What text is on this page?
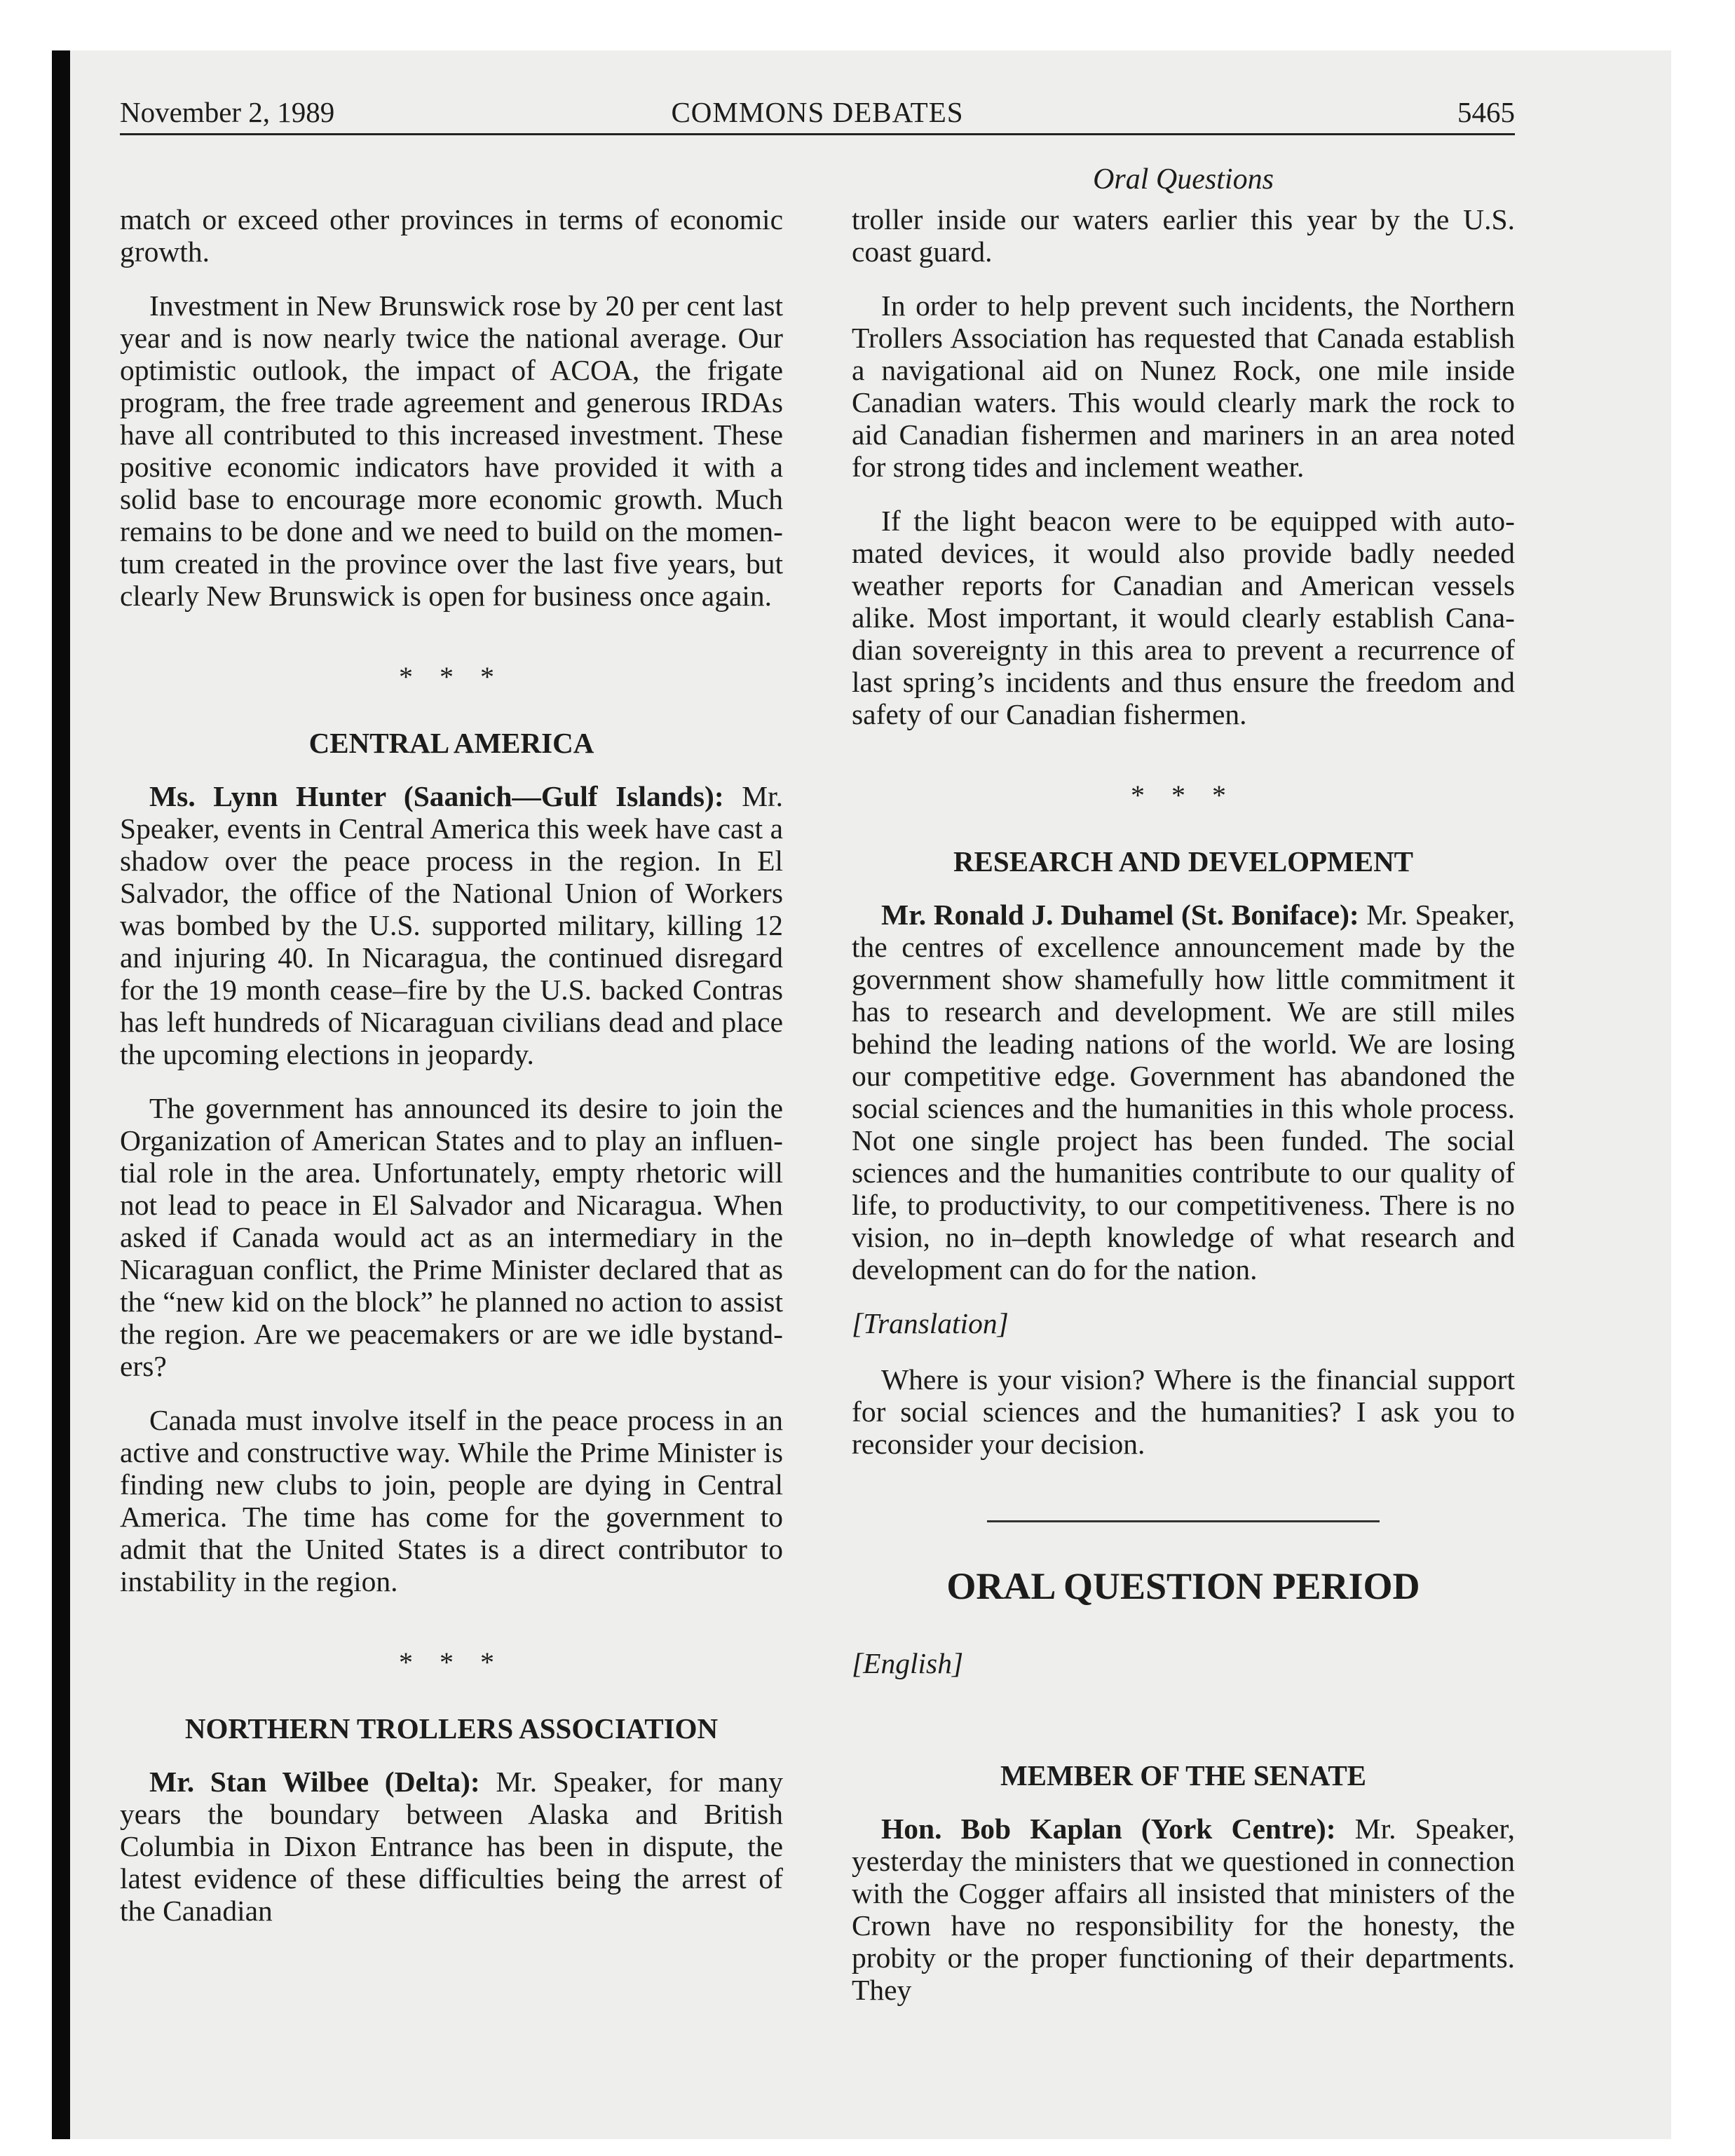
November 2, 1989	COMMONS DEBATES	5465
Oral Questions

match or exceed other provinces in terms of economic growth.

Investment in New Brunswick rose by 20 per cent last year and is now nearly twice the national average. Our optimistic outlook, the impact of ACOA, the frigate program, the free trade agreement and generous IRDAs have all contributed to this increased investment. These positive economic indicators have provided it with a solid base to encourage more economic growth. Much remains to be done and we need to build on the momentum created in the province over the last five years, but clearly New Brunswick is open for business once again.

* * *
CENTRAL AMERICA

Ms. Lynn Hunter (Saanich—Gulf Islands): Mr. Speaker, events in Central America this week have cast a shadow over the peace process in the region. In El Salvador, the office of the National Union of Workers was bombed by the U.S. supported military, killing 12 and injuring 40. In Nicaragua, the continued disregard for the 19 month cease–fire by the U.S. backed Contras has left hundreds of Nicaraguan civilians dead and place the upcoming elections in jeopardy.

The government has announced its desire to join the Organization of American States and to play an influential role in the area. Unfortunately, empty rhetoric will not lead to peace in El Salvador and Nicaragua. When asked if Canada would act as an intermediary in the Nicaraguan conflict, the Prime Minister declared that as the “new kid on the block” he planned no action to assist the region. Are we peacemakers or are we idle bystanders?

Canada must involve itself in the peace process in an active and constructive way. While the Prime Minister is finding new clubs to join, people are dying in Central America. The time has come for the government to admit that the United States is a direct contributor to instability in the region.

* * *
NORTHERN TROLLERS ASSOCIATION

Mr. Stan Wilbee (Delta): Mr. Speaker, for many years the boundary between Alaska and British Columbia in Dixon Entrance has been in dispute, the latest evidence of these difficulties being the arrest of the Canadian

troller inside our waters earlier this year by the U.S. coast guard.

In order to help prevent such incidents, the Northern Trollers Association has requested that Canada establish a navigational aid on Nunez Rock, one mile inside Canadian waters. This would clearly mark the rock to aid Canadian fishermen and mariners in an area noted for strong tides and inclement weather.

If the light beacon were to be equipped with automated devices, it would also provide badly needed weather reports for Canadian and American vessels alike. Most important, it would clearly establish Canadian sovereignty in this area to prevent a recurrence of last spring’s incidents and thus ensure the freedom and safety of our Canadian fishermen.

* * *
RESEARCH AND DEVELOPMENT

Mr. Ronald J. Duhamel (St. Boniface): Mr. Speaker, the centres of excellence announcement made by the government show shamefully how little commitment it has to research and development. We are still miles behind the leading nations of the world. We are losing our competitive edge. Government has abandoned the social sciences and the humanities in this whole process. Not one single project has been funded. The social sciences and the humanities contribute to our quality of life, to productivity, to our competitiveness. There is no vision, no in–depth knowledge of what research and development can do for the nation.

[Translation]

Where is your vision? Where is the financial support for social sciences and the humanities? I ask you to reconsider your decision.

ORAL QUESTION PERIOD
[English]
MEMBER OF THE SENATE

Hon. Bob Kaplan (York Centre): Mr. Speaker, yesterday the ministers that we questioned in connection with the Cogger affairs all insisted that ministers of the Crown have no responsibility for the honesty, the probity or the proper functioning of their departments. They
